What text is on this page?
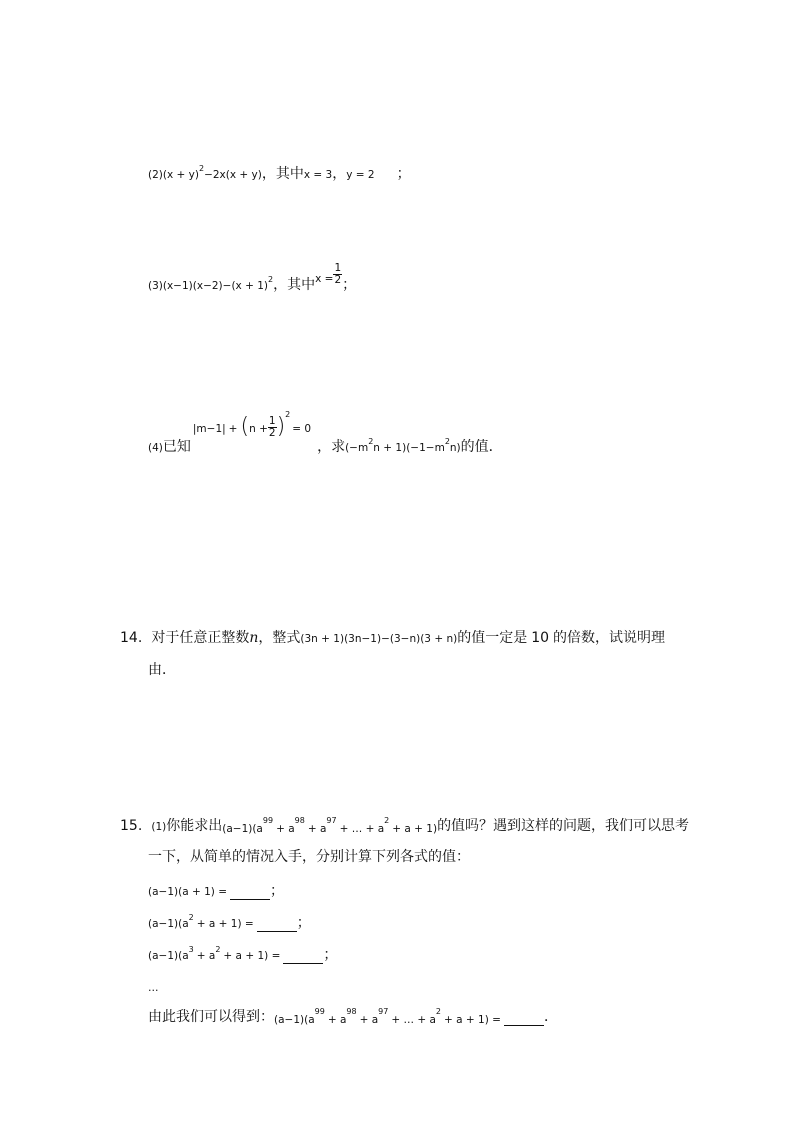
$(2)(x + y)^2-2x(x + y)$，其中x = 3，y = 2 ；
$_{(3)(x-1)(x-2)-(x + 1)2}$，其中$_{x =} \frac{1}{2}$ ；
$_{(4)}$已知$_{|m-1|}$ $_+$ $(_{n +} \frac{1}{2} )^2_{= 0}$，求$_{(-m2n + 1)(-1-m2n)}$的值．
14. 对于任意正整数n，整式(3n + 1)(3n−1)−(3−n)(3 + n)的值一定是 10 的倍数，试说明理
由．
15. (1)你能求出$(a-1)(a^{99}+ a^{98}+ a^{97}+$ … + $a^2+ a + 1$)的值吗？遇到这样的问题，我们可以思考
一下，从简单的情况入手，分别计算下列各式的值：
(a−1)(a + 1) =	；
$(a-1)(a^2+ a + 1)$ =	；
$(a-1)(a^3+ a^2+ a + 1)$ =	；
…
由此我们可以得到：$(a-1)(a^{99}+ a^{98}+ a^{97}+$ … + $a^2+ a + 1$) =	．
